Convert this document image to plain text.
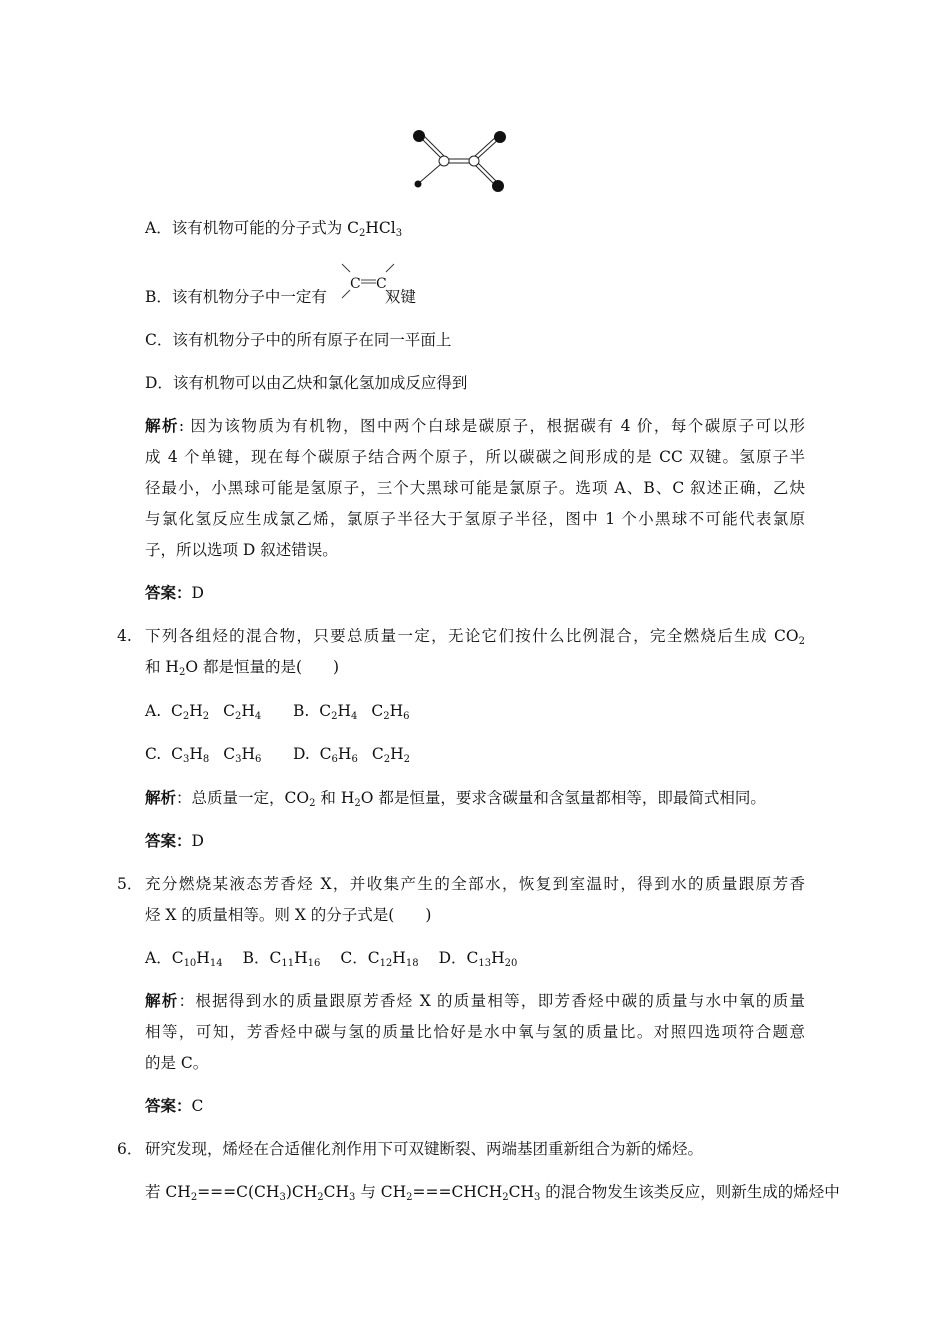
A．该有机物可能的分子式为 $C_2HCl_3$
B．该有机物分子中一定有	双键
C C
C．该有机物分子中的所有原子在同一平面上
D．该有机物可以由乙炔和氯化氢加成反应得到
解析: 因为该物质为有机物，图中两个白球是碳原子，根据碳有 4 价，每个碳原子可以形
成 4 个单键，现在每个碳原子结合两个原子，所以碳碳之间形成的是 CC 双键。氢原子半
径最小，小黑球可能是氢原子，三个大黑球可能是氯原子。选项 A、B、C 叙述正确，乙炔
与氯化氢反应生成氯乙烯，氯原子半径大于氢原子半径，图中 1 个小黑球不可能代表氯原
子，所以选项 D 叙述错误。
答案：D
4. 下列各组烃的混合物，只要总质量一定，无论它们按什么比例混合，完全燃烧后生成 $CO_2$
和 $H_2O$ 都是恒量的是(　　)
A. $C_2H_2$ $C_2H_4$ B. $C_2H_4$ $C_2H_6$
C. $C_3H_8$ $C_3H_6$ D. $C_6H_6$ $C_2H_2$
解析：总质量一定，$CO_2$ 和 $H_2O$ 都是恒量，要求含碳量和含氢量都相等，即最简式相同。
答案：D
5． 充分燃烧某液态芳香烃 X，并收集产生的全部水，恢复到室温时，得到水的质量跟原芳香
烃 X 的质量相等。则 X 的分子式是(　　)
A．$C_{10}H_{14}$ B．$C_{11}H_{16}$ C．$C_{12}H_{18}$ D．$C_{13}H_{20}$
解析：根据得到水的质量跟原芳香烃 X 的质量相等，即芳香烃中碳的质量与水中氧的质量
相等，可知，芳香烃中碳与氢的质量比恰好是水中氧与氢的质量比。对照四选项符合题意
的是 C。
答案：C
6． 研究发现，烯烃在合适催化剂作用下可双键断裂、两端基团重新组合为新的烯烃。
若 $CH_2===C(CH_3)CH_2CH_3$ 与 $CH_2===CHCH_2CH_3$ 的混合物发生该类反应，则新生成的烯烃中
